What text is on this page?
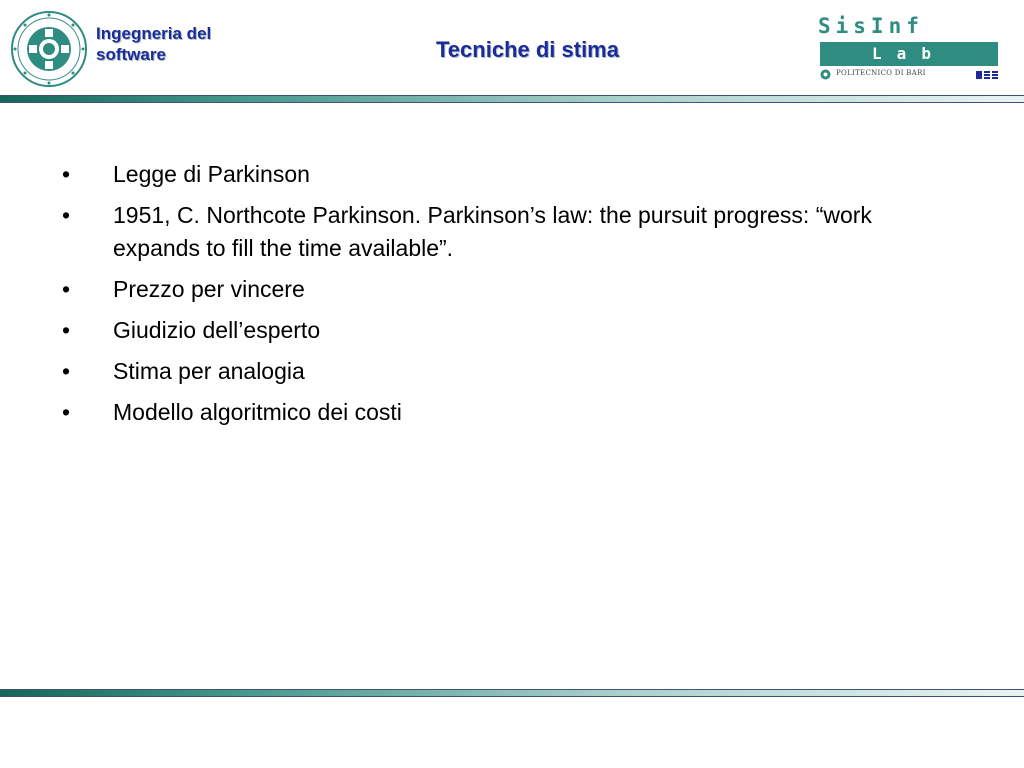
Ingegneria del
software	Tecniche di stima
SisInf
Lab
POLITECNICO DI BARI
• Legge di Parkinson
• 1951, C. Northcote Parkinson. Parkinson’s law: the pursuit progress: “work expands to fill the time available”.
• Prezzo per vincere
• Giudizio dell’esperto
• Stima per analogia
• Modello algoritmico dei costi
